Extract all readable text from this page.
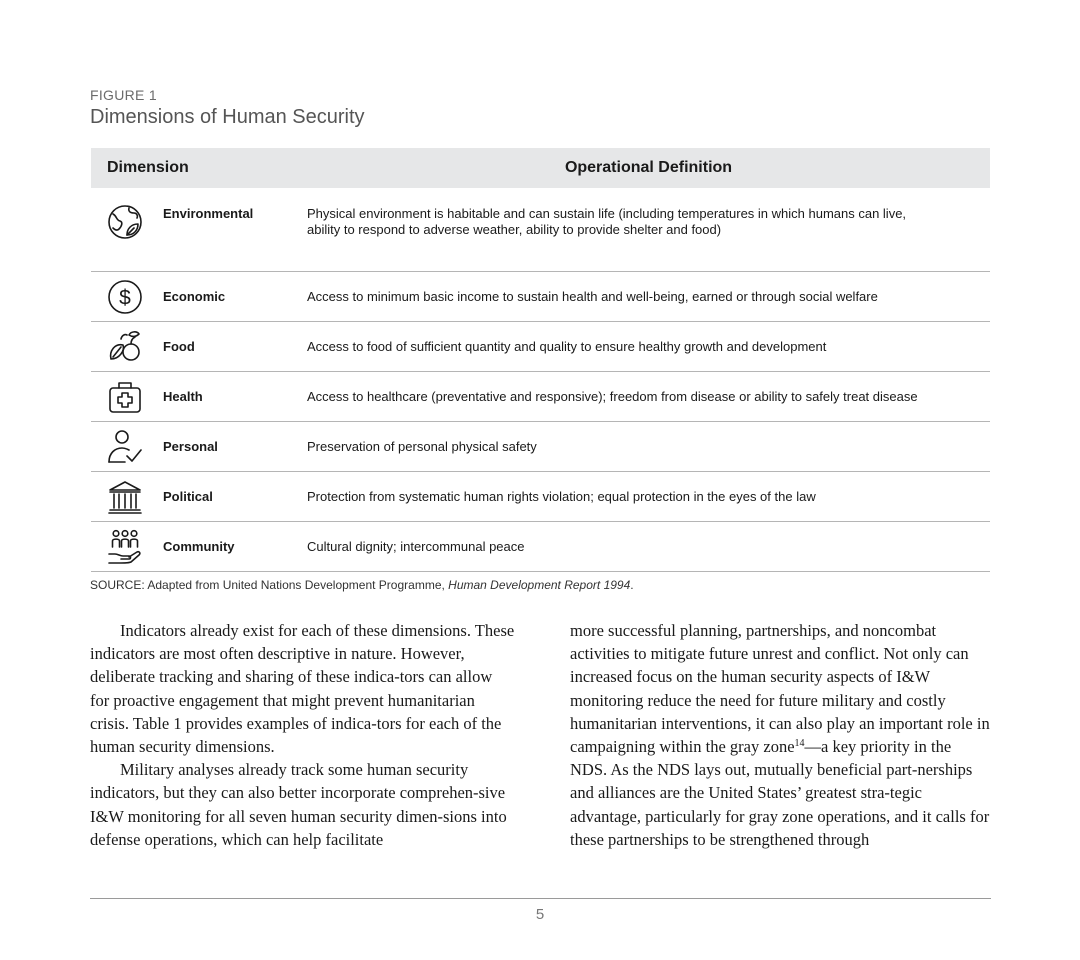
FIGURE 1
Dimensions of Human Security
Dimension		Operational Definition

	Environmental	Physical environment is habitable and can sustain life (including temperatures in which humans can live,
ability to respond to adverse weather, ability to provide shelter and food)

$	Economic	Access to minimum basic income to sustain health and well-being, earned or through social welfare

	Food	Access to food of sufficient quantity and quality to ensure healthy growth and development

	Health	Access to healthcare (preventative and responsive); freedom from disease or ability to safely treat disease

	Personal	Preservation of personal physical safety

	Political	Protection from systematic human rights violation; equal protection in the eyes of the law

	Community	Cultural dignity; intercommunal peace
SOURCE: Adapted from United Nations Development Programme, Human Development Report 1994.

Indicators already exist for each of these dimensions. These indicators are most often descriptive in nature. However, deliberate tracking and sharing of these indica-tors can allow for proactive engagement that might prevent humanitarian crisis. Table 1 provides examples of indica-tors for each of the human security dimensions.

Military analyses already track some human security indicators, but they can also better incorporate comprehen-sive I&W monitoring for all seven human security dimen-sions into defense operations, which can help facilitate

more successful planning, partnerships, and noncombat activities to mitigate future unrest and conflict. Not only can increased focus on the human security aspects of I&W monitoring reduce the need for future military and costly humanitarian interventions, it can also play an important role in campaigning within the gray zone$^{14}$—a key priority in the NDS. As the NDS lays out, mutually beneficial part-nerships and alliances are the United States’ greatest stra-tegic advantage, particularly for gray zone operations, and it calls for these partnerships to be strengthened through

5
